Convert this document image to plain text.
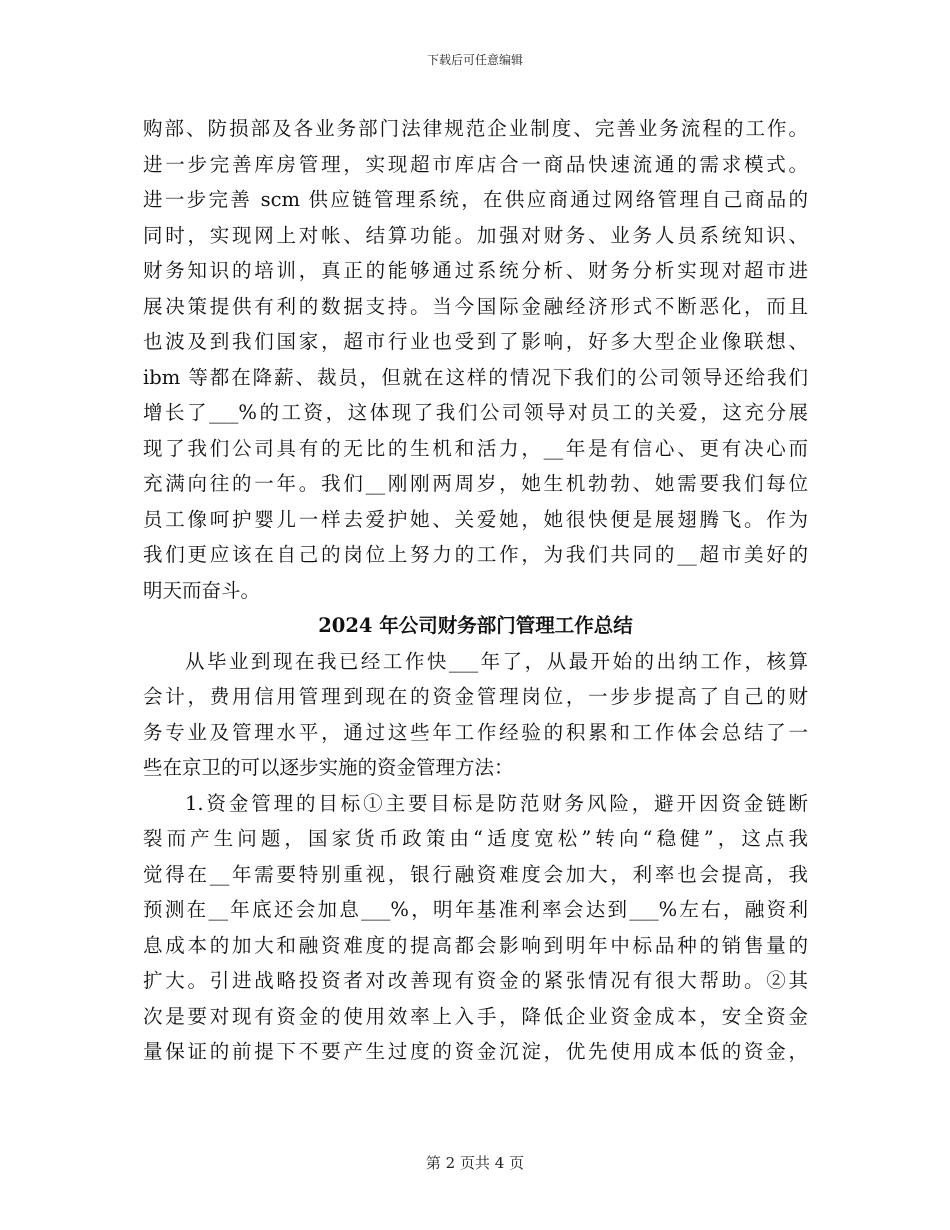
下载后可任意编辑
购部、防损部及各业务部门法律规范企业制度、完善业务流程的工作。
进一步完善库房管理，实现超市库店合一商品快速流通的需求模式。
进一步完善 scm 供应链管理系统，在供应商通过网络管理自己商品的
同时，实现网上对帐、结算功能。加强对财务、业务人员系统知识、
财务知识的培训，真正的能够通过系统分析、财务分析实现对超市进
展决策提供有利的数据支持。当今国际金融经济形式不断恶化，而且
也波及到我们国家，超市行业也受到了影响，好多大型企业像联想、
ibm 等都在降薪、裁员，但就在这样的情况下我们的公司领导还给我们
增长了___%的工资，这体现了我们公司领导对员工的关爱，这充分展
现了我们公司具有的无比的生机和活力，__年是有信心、更有决心而
充满向往的一年。我们__刚刚两周岁，她生机勃勃、她需要我们每位
员工像呵护婴儿一样去爱护她、关爱她，她很快便是展翅腾飞。作为
我们更应该在自己的岗位上努力的工作，为我们共同的__超市美好的
明天而奋斗。
2024 年公司财务部门管理工作总结
从毕业到现在我已经工作快___年了，从最开始的出纳工作，核算
会计，费用信用管理到现在的资金管理岗位，一步步提高了自己的财
务专业及管理水平，通过这些年工作经验的积累和工作体会总结了一
些在京卫的可以逐步实施的资金管理方法：
1.资金管理的目标①主要目标是防范财务风险，避开因资金链断
裂而产生问题，国家货币政策由“适度宽松”转向“稳健”，这点我
觉得在__年需要特别重视，银行融资难度会加大，利率也会提高，我
预测在__年底还会加息___%，明年基准利率会达到___%左右，融资利
息成本的加大和融资难度的提高都会影响到明年中标品种的销售量的
扩大。引进战略投资者对改善现有资金的紧张情况有很大帮助。②其
次是要对现有资金的使用效率上入手，降低企业资金成本，安全资金
量保证的前提下不要产生过度的资金沉淀，优先使用成本低的资金，
第 2 页共 4 页
